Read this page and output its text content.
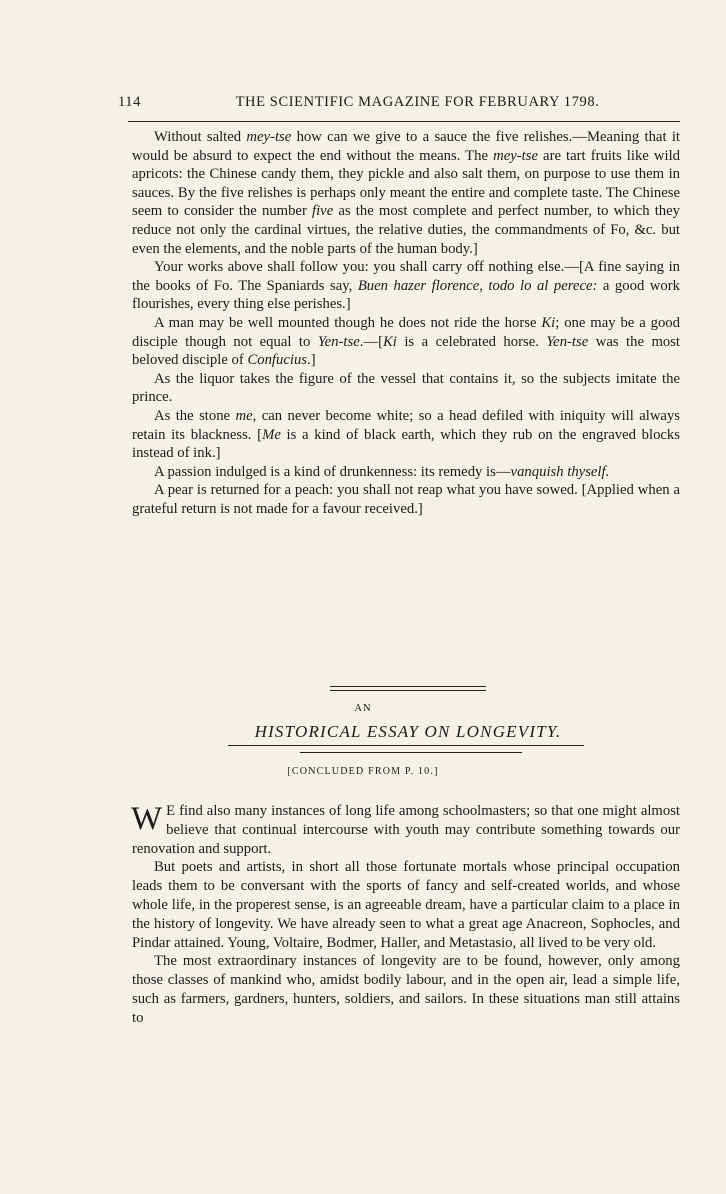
114	THE SCIENTIFIC MAGAZINE FOR FEBRUARY 1798.

Without salted mey-tse how can we give to a sauce the five relishes.—Meaning that it would be absurd to expect the end without the means. The mey-tse are tart fruits like wild apricots: the Chinese candy them, they pickle and also salt them, on purpose to use them in sauces. By the five relishes is perhaps only meant the entire and complete taste. The Chinese seem to consider the number five as the most complete and perfect number, to which they reduce not only the cardinal virtues, the relative duties, the commandments of Fo, &c. but even the elements, and the noble parts of the human body.]

Your works above shall follow you: you shall carry off nothing else.—[A fine saying in the books of Fo. The Spaniards say, Buen hazer florence, todo lo al perece: a good work flourishes, every thing else perishes.]

A man may be well mounted though he does not ride the horse Ki; one may be a good disciple though not equal to Yen-tse.—[Ki is a celebrated horse. Yen-tse was the most beloved disciple of Confucius.]

As the liquor takes the figure of the vessel that contains it, so the subjects imitate the prince.

As the stone me, can never become white; so a head defiled with iniquity will always retain its blackness. [Me is a kind of black earth, which they rub on the engraved blocks instead of ink.]

A passion indulged is a kind of drunkenness: its remedy is—vanquish thyself.

A pear is returned for a peach: you shall not reap what you have sowed. [Applied when a grateful return is not made for a favour received.]

AN
HISTORICAL ESSAY ON LONGEVITY.
[CONCLUDED FROM P. 10.]

W E find also many instances of long life among schoolmasters; so that one might almost believe that continual intercourse with youth may contribute something towards our renovation and support.

But poets and artists, in short all those fortunate mortals whose principal occupation leads them to be conversant with the sports of fancy and self-created worlds, and whose whole life, in the properest sense, is an agreeable dream, have a particular claim to a place in the history of longevity. We have already seen to what a great age Anacreon, Sophocles, and Pindar attained. Young, Voltaire, Bodmer, Haller, and Metastasio, all lived to be very old.

The most extraordinary instances of longevity are to be found, however, only among those classes of mankind who, amidst bodily labour, and in the open air, lead a simple life, such as farmers, gardners, hunters, soldiers, and sailors. In these situations man still attains to
